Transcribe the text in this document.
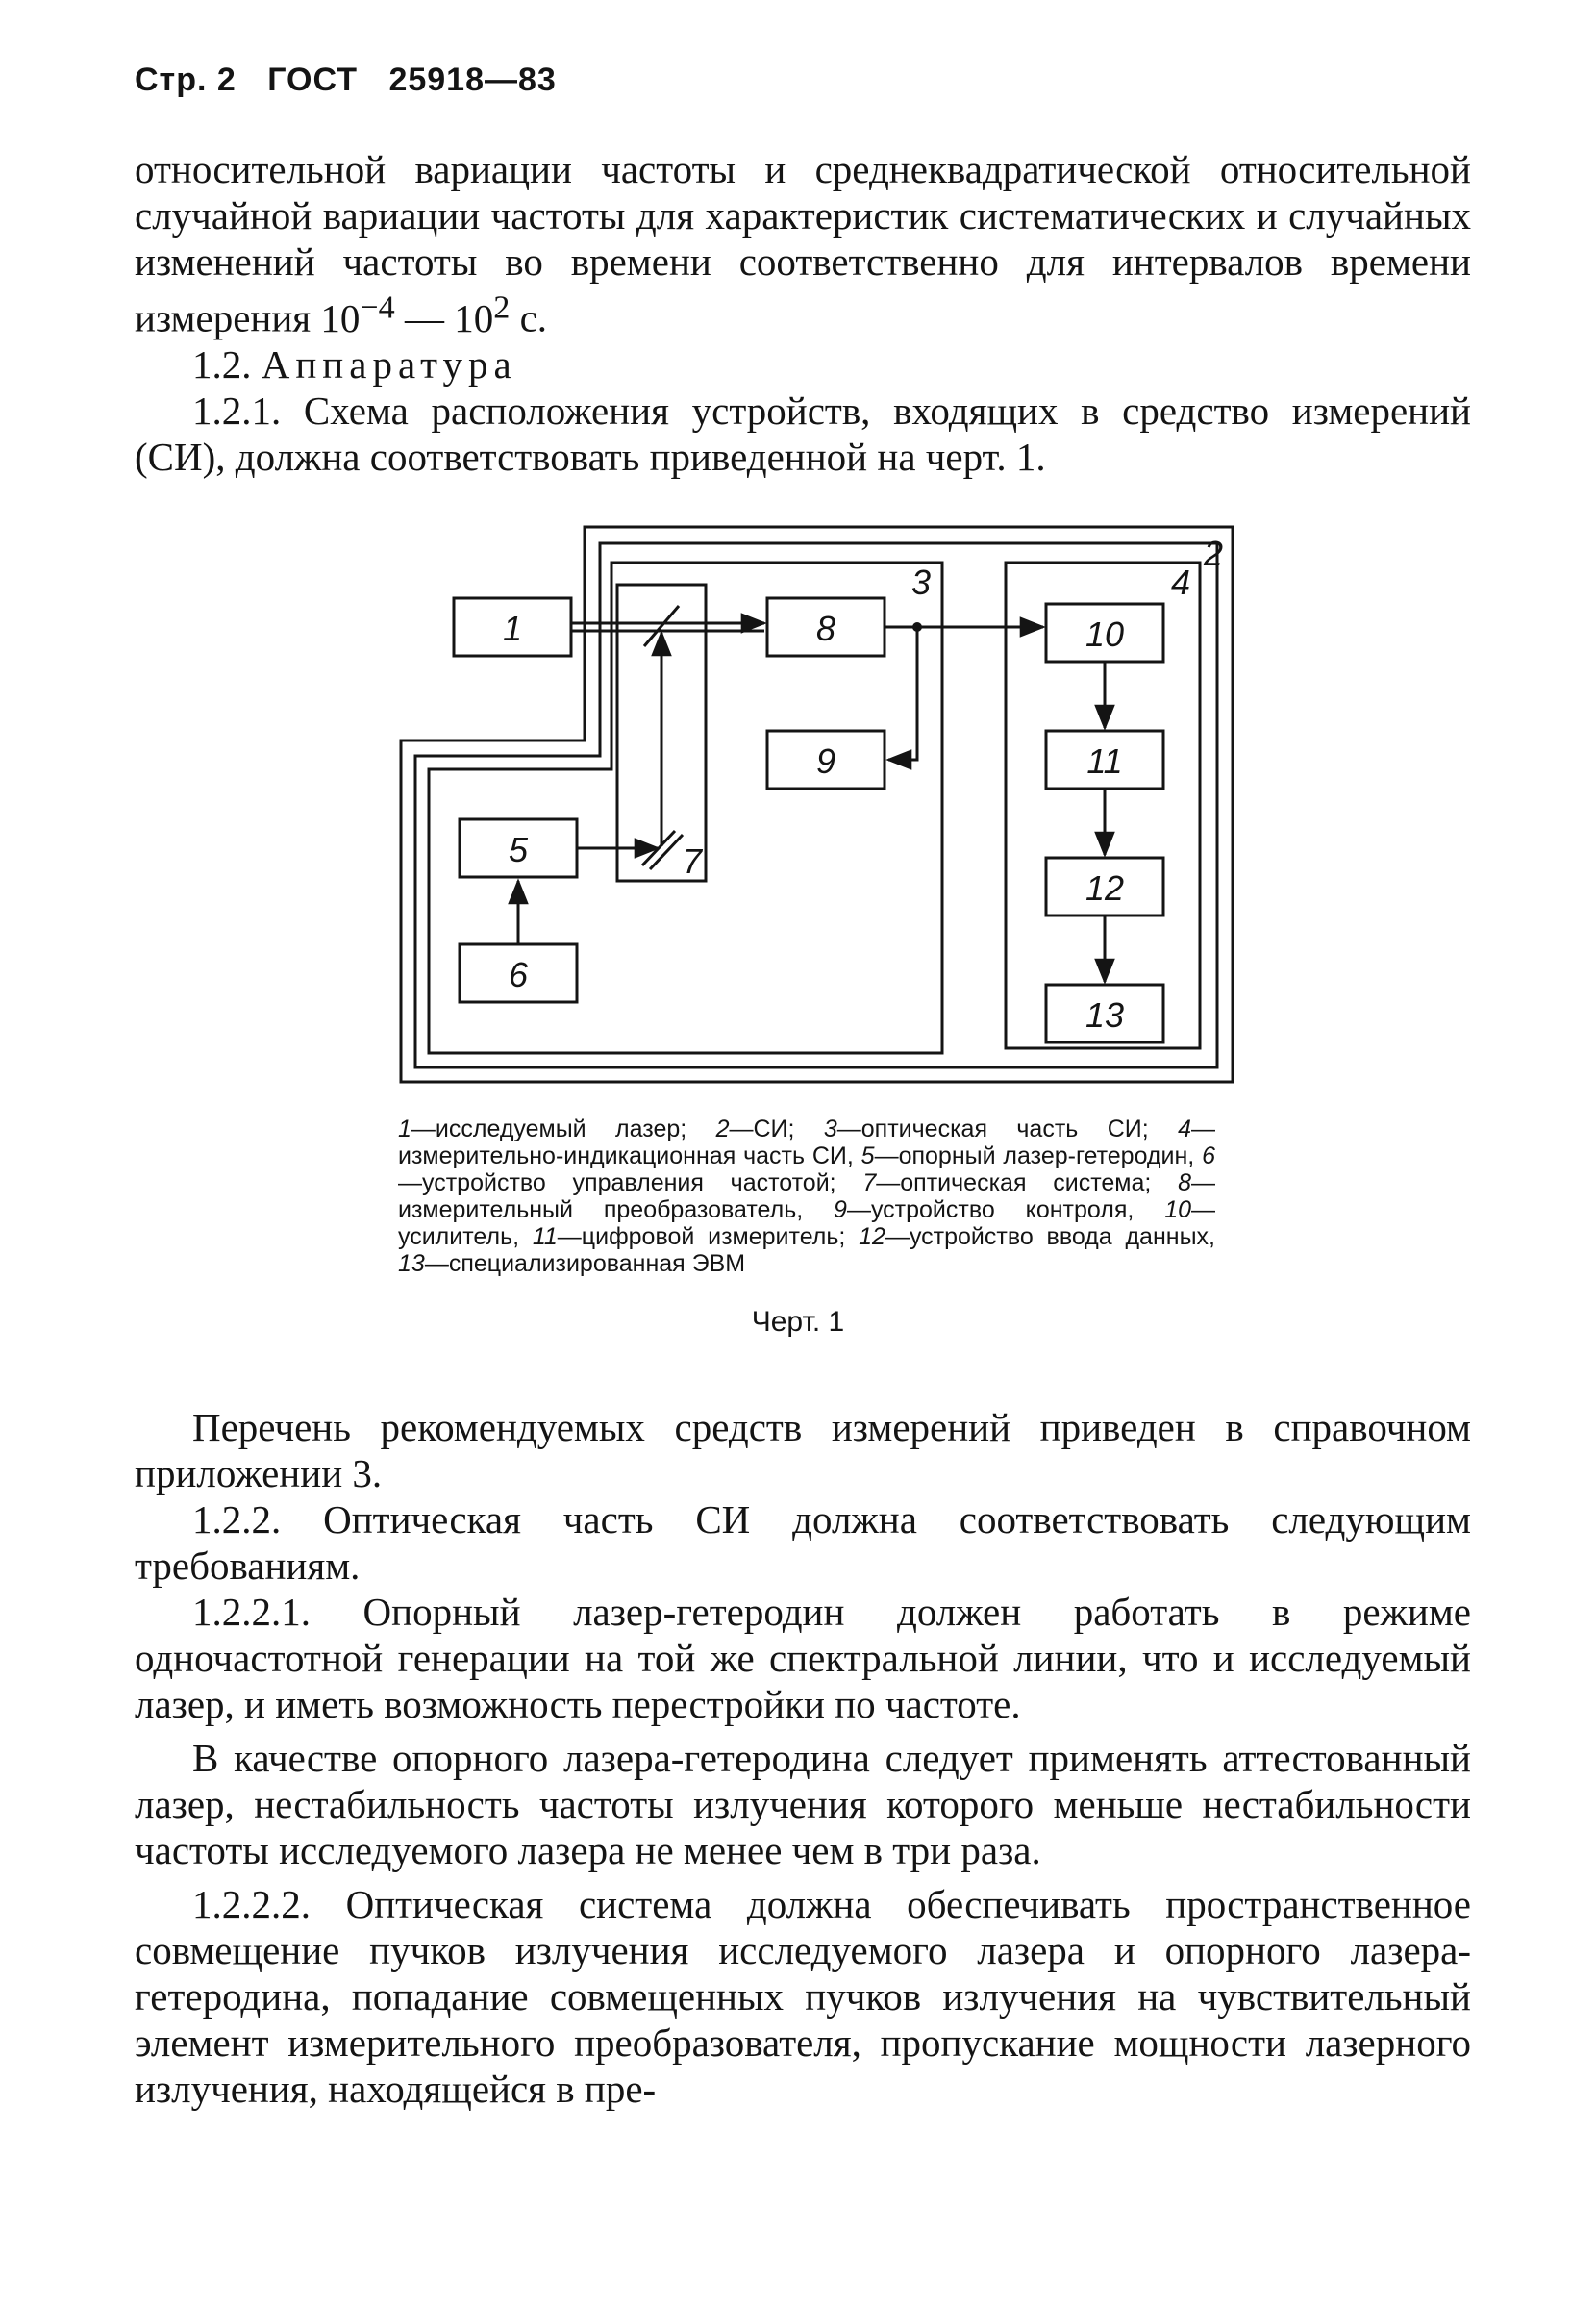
Стр. 2 ГОСТ 25918—83

относительной вариации частоты и среднеквадратической относительной случайной вариации частоты для характеристик систематических и случайных изменений частоты во времени соответственно для интервалов времени измерения $10^{-4}$ — $10^2$ с.

1.2. Аппаратура

1.2.1. Схема расположения устройств, входящих в средство измерений (СИ), должна соответствовать приведенной на черт. 1.

1	8
9
5
6
10
11
12
13
3	4
2
7
1—исследуемый лазер; 2—СИ; 3—оптическая часть СИ; 4—измерительно-индикационная часть СИ, 5—опорный лазер-гетеродин, 6—устройство управления частотой; 7—оптическая система; 8—измерительный преобразователь, 9—устройство контроля, 10—усилитель, 11—цифровой измеритель; 12—устройство ввода данных, 13—специализированная ЭВМ
Черт. 1

Перечень рекомендуемых средств измерений приведен в справочном приложении 3.

1.2.2. Оптическая часть СИ должна соответствовать следующим требованиям.

1.2.2.1. Опорный лазер-гетеродин должен работать в режиме одночастотной генерации на той же спектральной линии, что и исследуемый лазер, и иметь возможность перестройки по частоте.

В качестве опорного лазера-гетеродина следует применять аттестованный лазер, нестабильность частоты излучения которого меньше нестабильности частоты исследуемого лазера не менее чем в три раза.

1.2.2.2. Оптическая система должна обеспечивать пространственное совмещение пучков излучения исследуемого лазера и опорного лазера-гетеродина, попадание совмещенных пучков излучения на чувствительный элемент измерительного преобразователя, пропускание мощности лазерного излучения, находящейся в пре-
